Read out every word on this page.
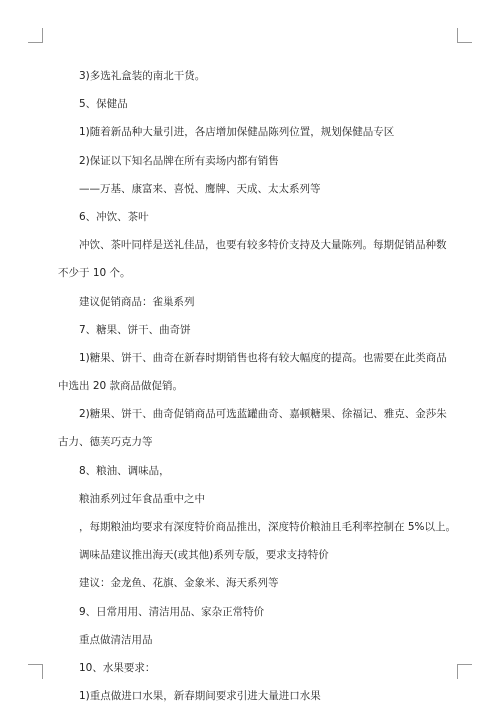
3)多选礼盒装的南北干货。

5、保健品

1)随着新品种大量引进，各店增加保健品陈列位置，规划保健品专区

2)保证以下知名品牌在所有卖场内都有销售

——万基、康富来、喜悦、鹰牌、天成、太太系列等

6、冲饮、茶叶

冲饮、茶叶同样是送礼佳品，也要有较多特价支持及大量陈列。每期促销品种数

不少于 10 个。

建议促销商品：雀巢系列

7、糖果、饼干、曲奇饼

1)糖果、饼干、曲奇在新春时期销售也将有较大幅度的提高。也需要在此类商品

中选出 20 款商品做促销。

2)糖果、饼干、曲奇促销商品可选蓝罐曲奇、嘉顿糖果、徐福记、雅克、金莎朱

古力、德芙巧克力等

8、粮油、调味品，

粮油系列过年食品重中之中

，每期粮油均要求有深度特价商品推出，深度特价粮油且毛利率控制在 5%以上。

调味品建议推出海天(或其他)系列专版，要求支持特价

建议：金龙鱼、花旗、金象米、海天系列等

9、日常用用、清洁用品、家杂正常特价

重点做清洁用品

10、水果要求：

1)重点做进口水果，新春期间要求引进大量进口水果
